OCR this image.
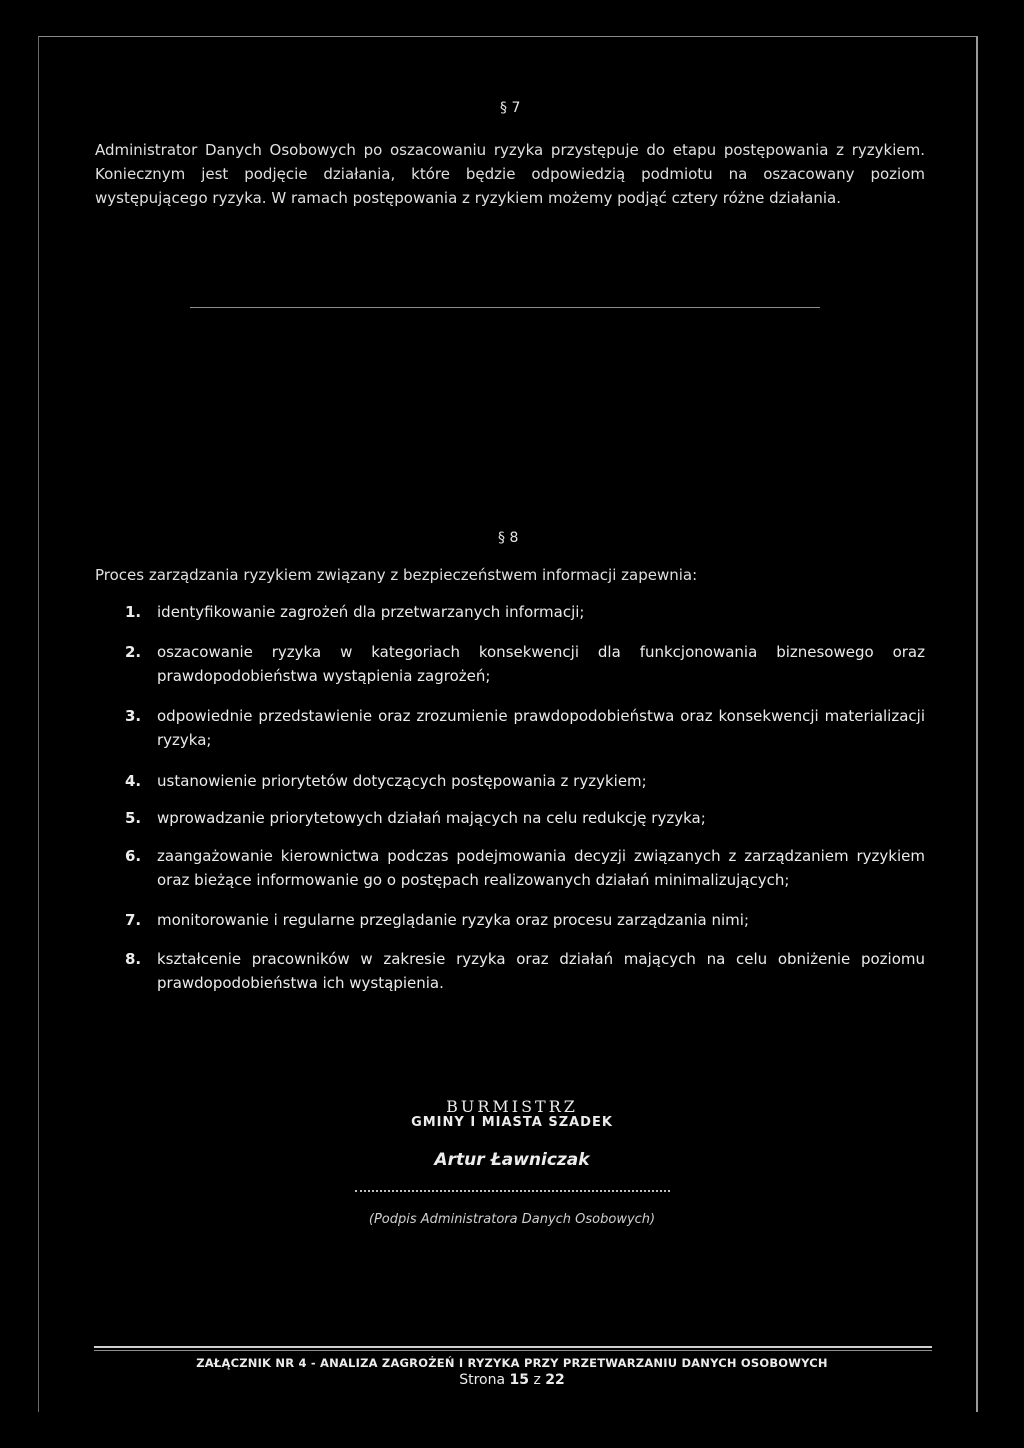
§ 7
Administrator Danych Osobowych po oszacowaniu ryzyka przystępuje do etapu postępowania z ryzykiem. Koniecznym jest podjęcie działania, które będzie odpowiedzią podmiotu na oszacowany poziom występującego ryzyka. W ramach postępowania z ryzykiem możemy podjąć cztery różne działania.
§ 8
Proces zarządzania ryzykiem związany z bezpieczeństwem informacji zapewnia:
1. identyfikowanie zagrożeń dla przetwarzanych informacji;
2. oszacowanie ryzyka w kategoriach konsekwencji dla funkcjonowania biznesowego oraz prawdopodobieństwa wystąpienia zagrożeń;
3. odpowiednie przedstawienie oraz zrozumienie prawdopodobieństwa oraz konsekwencji materializacji ryzyka;
4. ustanowienie priorytetów dotyczących postępowania z ryzykiem;
5. wprowadzanie priorytetowych działań mających na celu redukcję ryzyka;
6. zaangażowanie kierownictwa podczas podejmowania decyzji związanych z zarządzaniem ryzykiem oraz bieżące informowanie go o postępach realizowanych działań minimalizujących;
7. monitorowanie i regularne przeglądanie ryzyka oraz procesu zarządzania nimi;
8. kształcenie pracowników w zakresie ryzyka oraz działań mających na celu obniżenie poziomu prawdopodobieństwa ich wystąpienia.
BURMISTRZ
GMINY I MIASTA SZADEK
Artur Ławniczak
(Podpis Administratora Danych Osobowych)
ZAŁĄCZNIK NR 4 - ANALIZA ZAGROŻEŃ I RYZYKA PRZY PRZETWARZANIU DANYCH OSOBOWYCH
Strona 15 z 22
